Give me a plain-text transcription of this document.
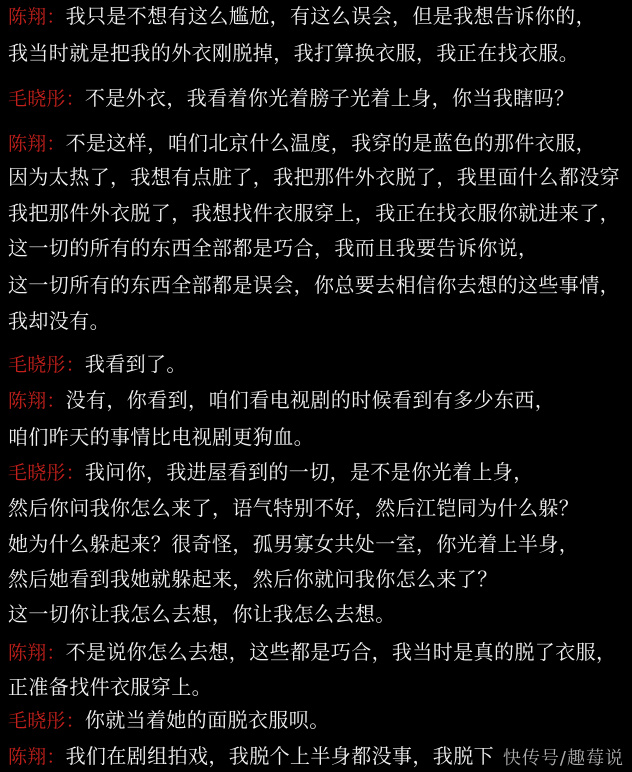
陈翔：我只是不想有这么尴尬，有这么误会，但是我想告诉你的，
我当时就是把我的外衣刚脱掉，我打算换衣服，我正在找衣服。
毛晓彤：不是外衣，我看着你光着膀子光着上身，你当我瞎吗？
陈翔：不是这样，咱们北京什么温度，我穿的是蓝色的那件衣服，
因为太热了，我想有点脏了，我把那件外衣脱了，我里面什么都没穿
我把那件外衣脱了，我想找件衣服穿上，我正在找衣服你就进来了，
这一切的所有的东西全部都是巧合，我而且我要告诉你说，
这一切所有的东西全部都是误会，你总要去相信你去想的这些事情，
我却没有。
毛晓彤：我看到了。
陈翔：没有，你看到，咱们看电视剧的时候看到有多少东西，
咱们昨天的事情比电视剧更狗血。
毛晓彤：我问你，我进屋看到的一切，是不是你光着上身，
然后你问我你怎么来了，语气特别不好，然后江铠同为什么躲？
她为什么躲起来？很奇怪，孤男寡女共处一室，你光着上半身，
然后她看到我她就躲起来，然后你就问我你怎么来了？
这一切你让我怎么去想，你让我怎么去想。
陈翔：不是说你怎么去想，这些都是巧合，我当时是真的脱了衣服，
正准备找件衣服穿上。
毛晓彤：你就当着她的面脱衣服呗。
陈翔：我们在剧组拍戏，我脱个上半身都没事，我脱下 快传号/趣莓说
